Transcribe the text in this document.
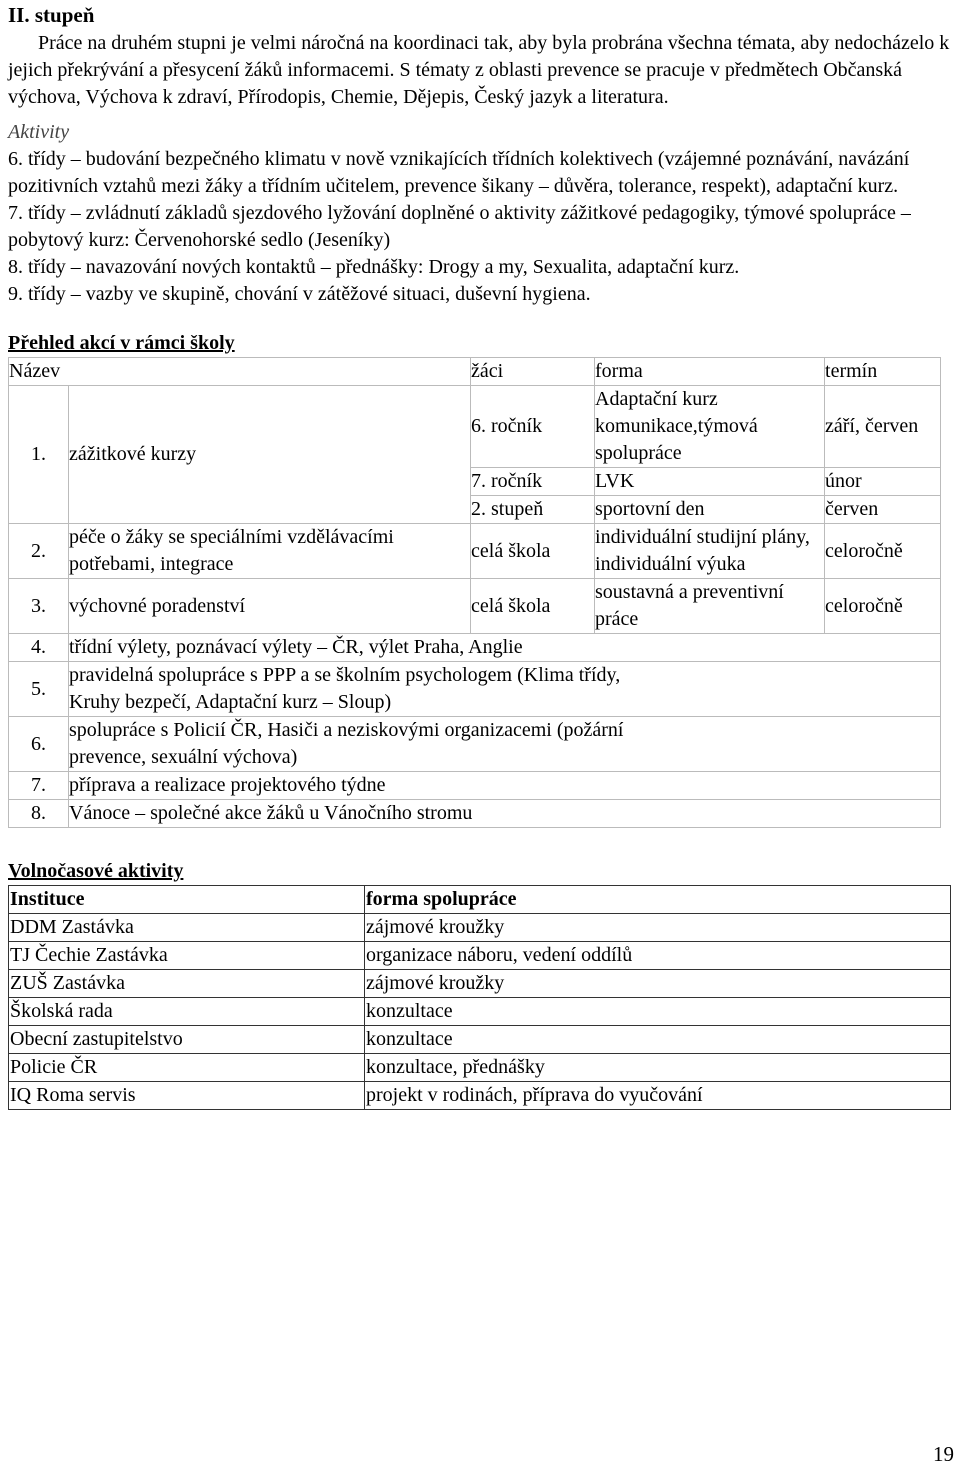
II. stupeň

Práce na druhém stupni je velmi náročná na koordinaci tak, aby byla probrána všechna témata, aby nedocházelo k jejich překrývání a přesycení žáků informacemi. S tématy z oblasti prevence se pracuje v předmětech Občanská výchova, Výchova k zdraví, Přírodopis, Chemie, Dějepis, Český jazyk a literatura.

Aktivity

6. třídy – budování bezpečného klimatu v nově vznikajících třídních kolektivech (vzájemné poznávání, navázání pozitivních vztahů mezi žáky a třídním učitelem, prevence šikany – důvěra, tolerance, respekt), adaptační kurz.

7. třídy – zvládnutí základů sjezdového lyžování doplněné o aktivity zážitkové pedagogiky, týmové spolupráce – pobytový kurz: Červenohorské sedlo (Jeseníky)

8. třídy – navazování nových kontaktů – přednášky: Drogy a my, Sexualita, adaptační kurz.

9. třídy – vazby ve skupině, chování v zátěžové situaci, duševní hygiena.

Přehled akcí v rámci školy
Název		žáci	forma	termín
1.	zážitkové kurzy	6. ročník	Adaptační kurz komunikace,týmová spolupráce	září, červen
		7. ročník	LVK	únor
		2. stupeň	sportovní den	červen
2.	péče o žáky se speciálními vzdělávacími potřebami, integrace	celá škola	individuální studijní plány, individuální výuka	celoročně
3.	výchovné poradenství	celá škola	soustavná a preventivní práce	celoročně
4.	třídní výlety, poznávací výlety – ČR, výlet Praha, Anglie			
5.	pravidelná spolupráce s PPP a se školním psychologem (Klima třídy, Kruhy bezpečí, Adaptační kurz – Sloup)			
6.	spolupráce s Policií ČR, Hasiči a neziskovými organizacemi (požární prevence, sexuální výchova)			
7.	příprava a realizace projektového týdne			
8.	Vánoce – společné akce žáků u Vánočního stromu			
Volnočasové aktivity
Instituce	forma spolupráce
DDM Zastávka	zájmové kroužky
TJ Čechie Zastávka	organizace náboru, vedení oddílů
ZUŠ Zastávka	zájmové kroužky
Školská rada	konzultace
Obecní zastupitelstvo	konzultace
Policie ČR	konzultace, přednášky
IQ Roma servis	projekt v rodinách, příprava do vyučování
19
